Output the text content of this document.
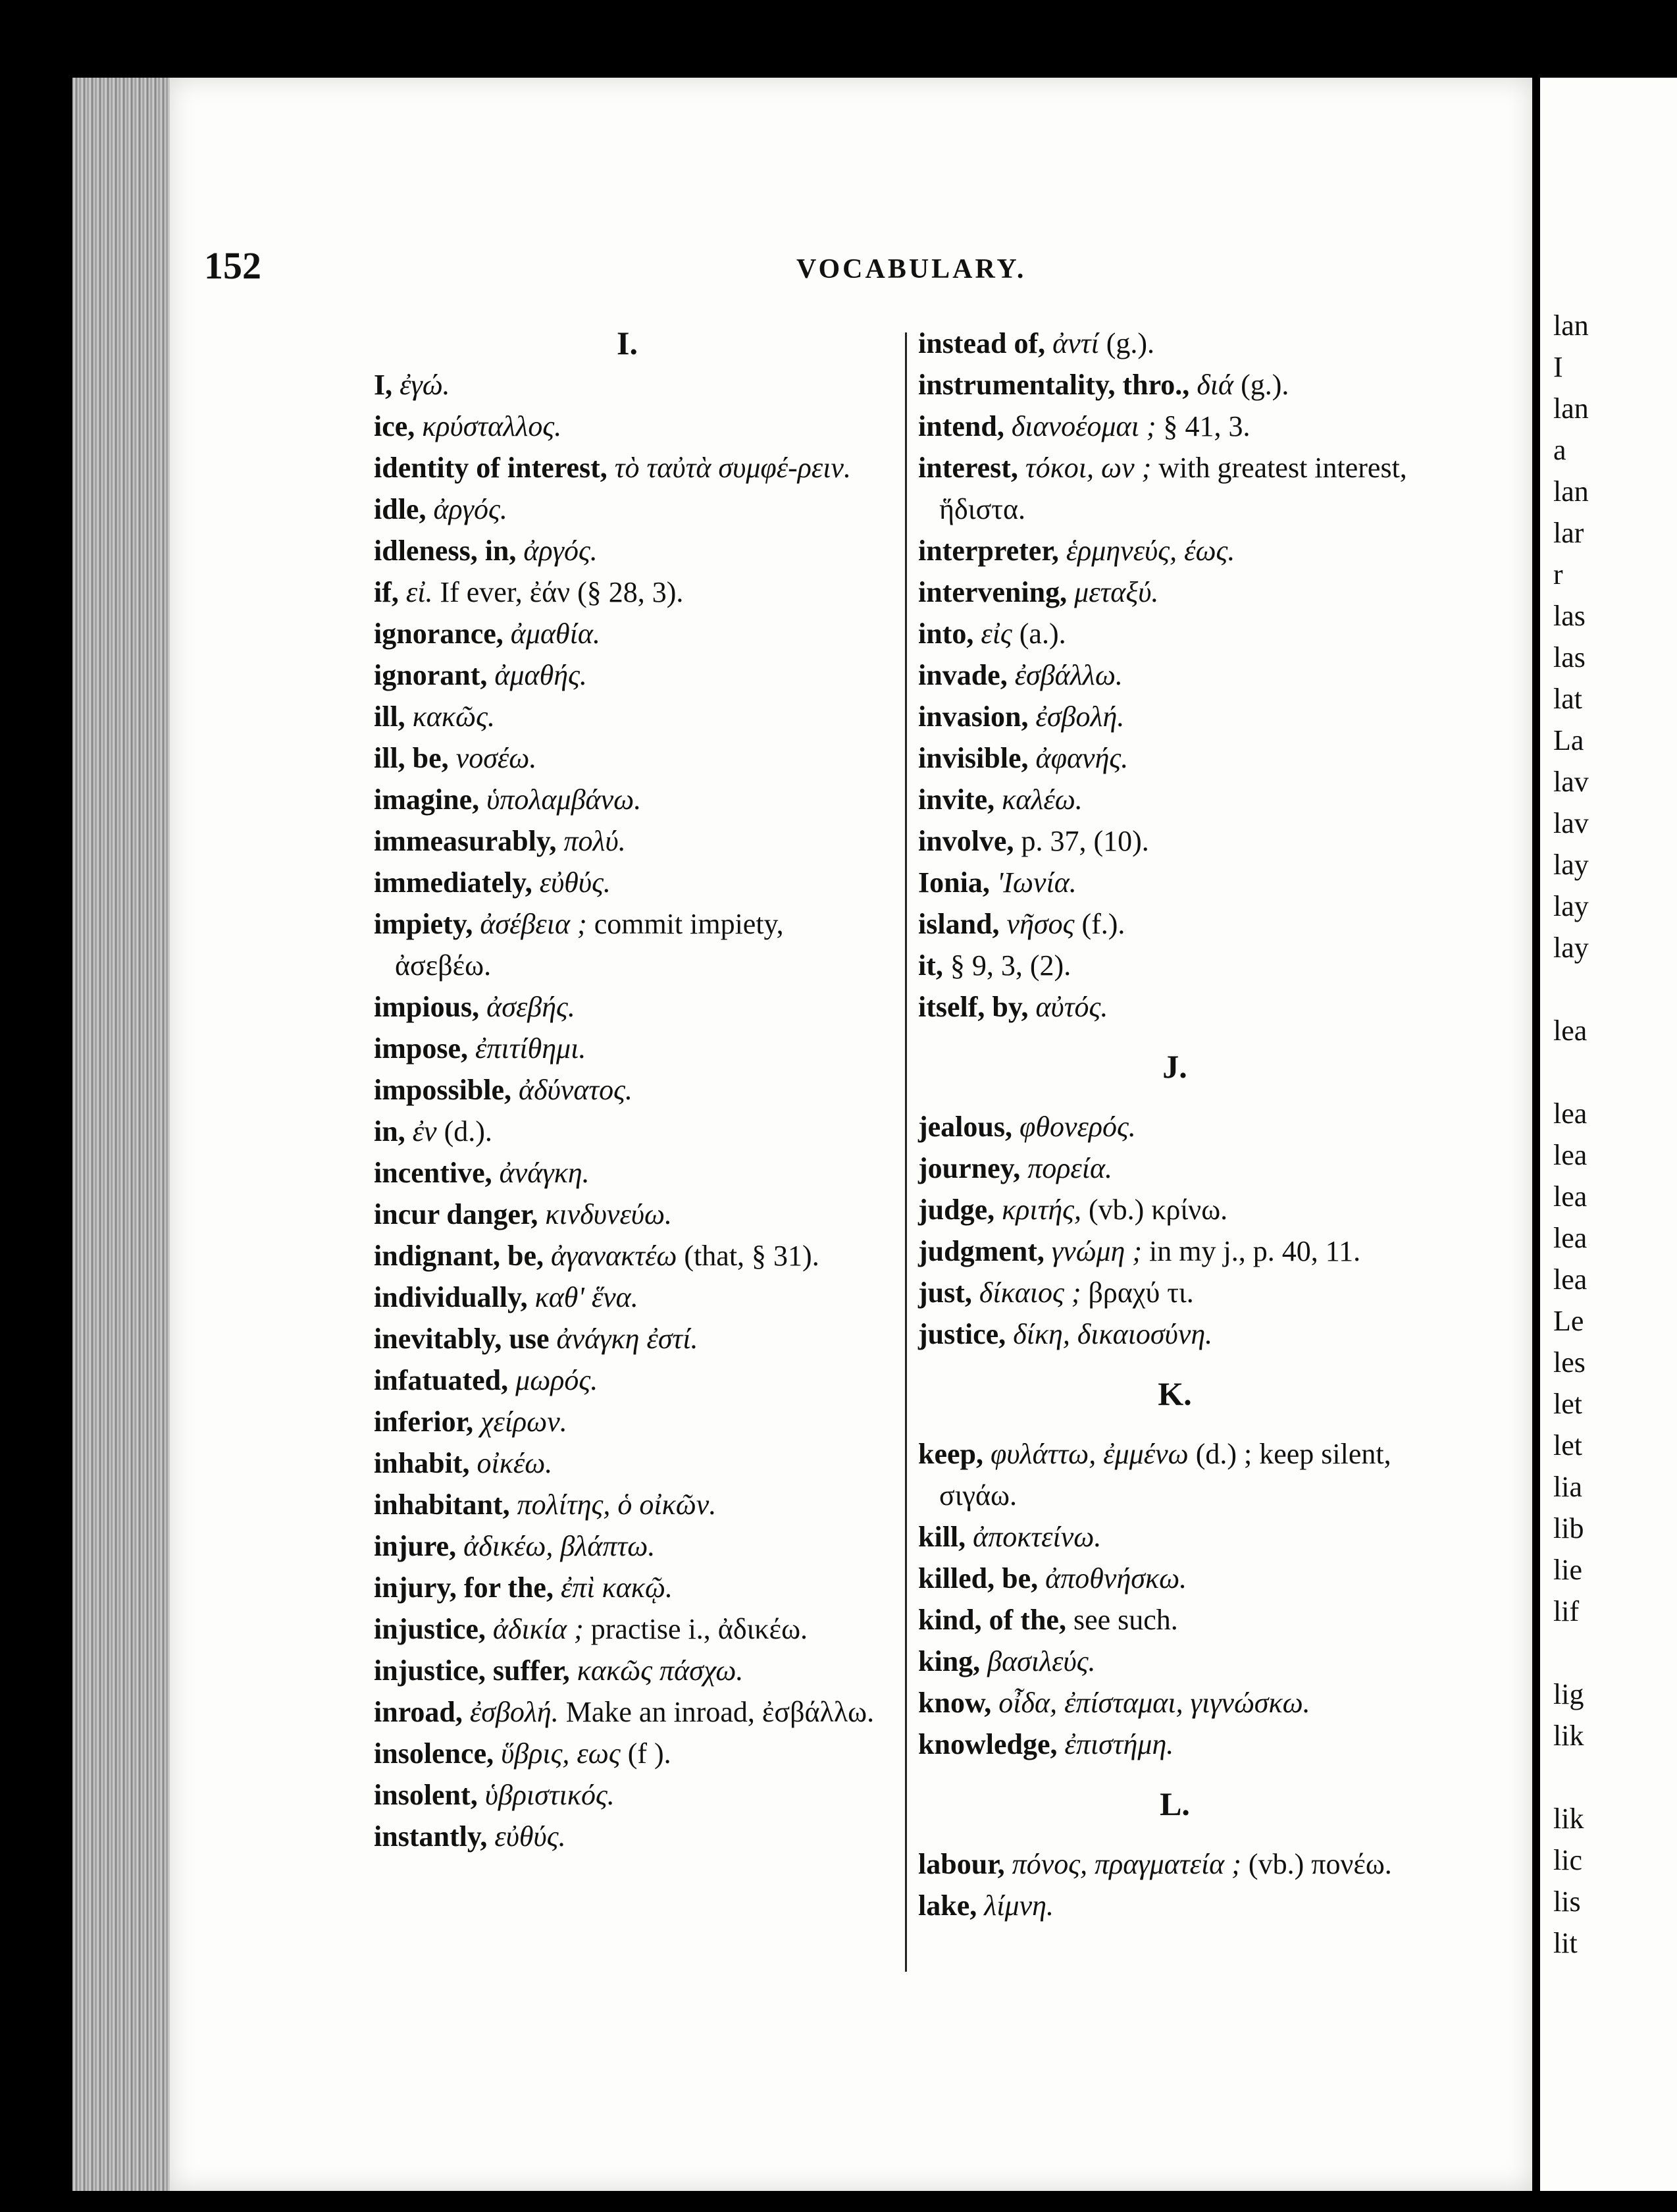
152	VOCABULARY.

I.

I, ἐγώ.

ice, κρύσταλλος.

identity of interest, τὸ ταὐτὰ συμφέ-ρειν.

idle, ἀργός.

idleness, in, ἀργός.

if, εἰ. If ever, ἐάν (§ 28, 3).

ignorance, ἀμαθία.

ignorant, ἀμαθής.

ill, κακῶς.

ill, be, νοσέω.

imagine, ὑπολαμβάνω.

immeasurably, πολύ.

immediately, εὐθύς.

impiety, ἀσέβεια ; commit impiety, ἀσεβέω.

impious, ἀσεβής.

impose, ἐπιτίθημι.

impossible, ἀδύνατος.

in, ἐν (d.).

incentive, ἀνάγκη.

incur danger, κινδυνεύω.

indignant, be, ἀγανακτέω (that, § 31).

individually, καθ' ἕνα.

inevitably, use ἀνάγκη ἐστί.

infatuated, μωρός.

inferior, χείρων.

inhabit, οἰκέω.

inhabitant, πολίτης, ὁ οἰκῶν.

injure, ἀδικέω, βλάπτω.

injury, for the, ἐπὶ κακῷ.

injustice, ἀδικία ; practise i., ἀδικέω.

injustice, suffer, κακῶς πάσχω.

inroad, ἐσβολή. Make an inroad, ἐσβάλλω.

insolence, ὕβρις, εως (f ).

insolent, ὑβριστικός.

instantly, εὐθύς.

instead of, ἀντί (g.).

instrumentality, thro., διά (g.).

intend, διανοέομαι ; § 41, 3.

interest, τόκοι, ων ; with greatest interest, ἥδιστα.

interpreter, ἑρμηνεύς, έως.

intervening, μεταξύ.

into, εἰς (a.).

invade, ἐσβάλλω.

invasion, ἐσβολή.

invisible, ἀφανής.

invite, καλέω.

involve, p. 37, (10).

Ionia, 'Ιωνία.

island, νῆσος (f.).

it, § 9, 3, (2).

itself, by, αὐτός.

J.

jealous, φθονερός.

journey, πορεία.

judge, κριτής, (vb.) κρίνω.

judgment, γνώμη ; in my j., p. 40, 11.

just, δίκαιος ; βραχύ τι.

justice, δίκη, δικαιοσύνη.

K.

keep, φυλάττω, ἐμμένω (d.) ; keep silent, σιγάω.

kill, ἀποκτείνω.

killed, be, ἀποθνήσκω.

kind, of the, see such.

king, βασιλεύς.

know, οἶδα, ἐπίσταμαι, γιγνώσκω.

knowledge, ἐπιστήμη.

L.

labour, πόνος, πραγματεία ; (vb.) πονέω.

lake, λίμνη.

lan

I

lan

a

lan

lar

r

las

las

lat

La

lav

lav

lay

lay

lay

lea

lea

lea

lea

lea

lea

Le

les

let

let

lia

lib

lie

lif

lig

lik

lik

lic

lis

lit
